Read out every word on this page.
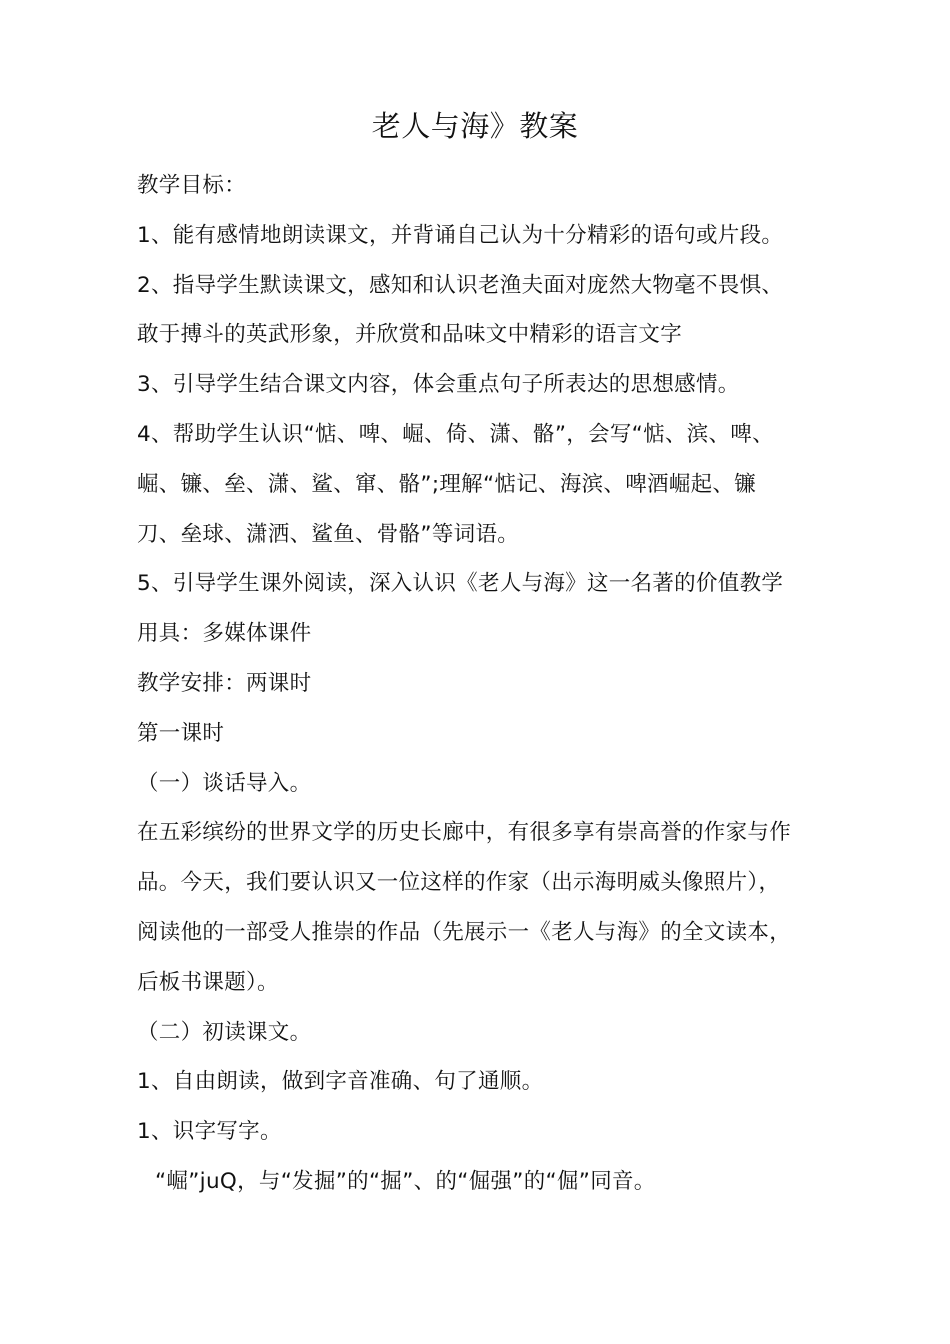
老人与海》教案
教学目标：
1、能有感情地朗读课文，并背诵自己认为十分精彩的语句或片段。
2、指导学生默读课文，感知和认识老渔夫面对庞然大物毫不畏惧、
敢于搏斗的英武形象，并欣赏和品味文中精彩的语言文字
3、引导学生结合课文内容，体会重点句子所表达的思想感情。
4、帮助学生认识“惦、啤、崛、倚、潇、骼”，会写“惦、滨、啤、
崛、镰、垒、潇、鲨、窜、骼”;理解“惦记、海滨、啤酒崛起、镰
刀、垒球、潇洒、鲨鱼、骨骼”等词语。
5、引导学生课外阅读，深入认识《老人与海》这一名著的价值教学
用具：多媒体课件
教学安排：两课时
第一课时
（一）谈话导入。
在五彩缤纷的世界文学的历史长廊中，有很多享有崇高誉的作家与作
品。今天，我们要认识又一位这样的作家（出示海明威头像照片），
阅读他的一部受人推崇的作品（先展示一《老人与海》的全文读本，
后板书课题）。
（二）初读课文。
1、自由朗读，做到字音准确、句了通顺。
1、识字写字。
“崛”juQ，与“发掘”的“掘”、的“倔强”的“倔”同音。
